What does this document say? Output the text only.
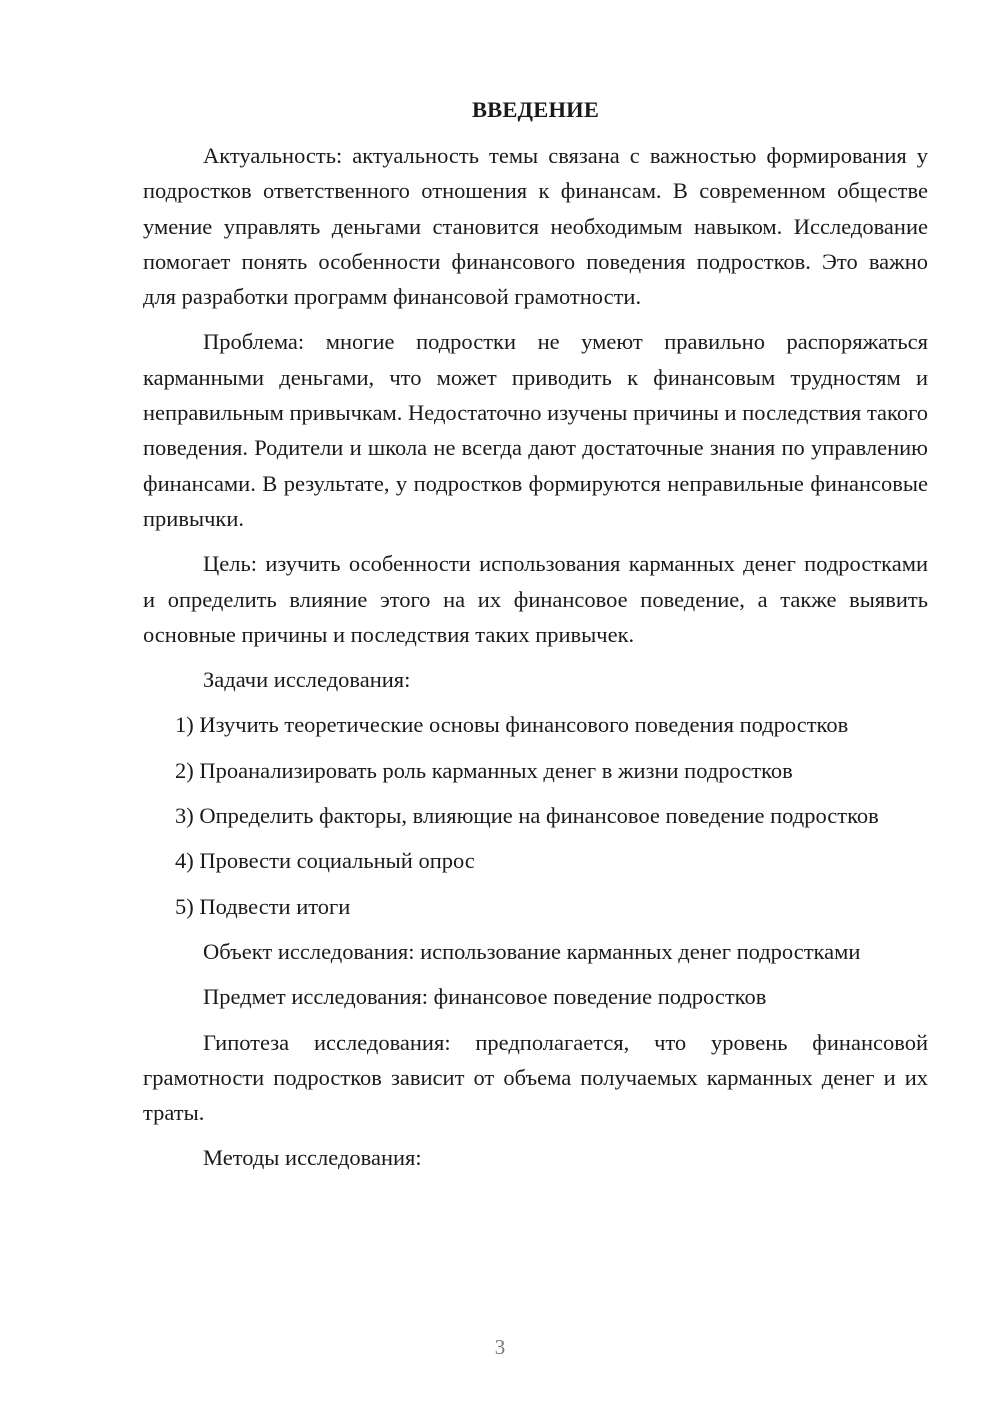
ВВЕДЕНИЕ

Актуальность: актуальность темы связана с важностью формирования у подростков ответственного отношения к финансам. В современном обществе умение управлять деньгами становится необходимым навыком. Исследование помогает понять особенности финансового поведения подростков. Это важно для разработки программ финансовой грамотности.

Проблема: многие подростки не умеют правильно распоряжаться карманными деньгами, что может приводить к финансовым трудностям и неправильным привычкам. Недостаточно изучены причины и последствия такого поведения. Родители и школа не всегда дают достаточные знания по управлению финансами. В результате, у подростков формируются неправильные финансовые привычки.

Цель: изучить особенности использования карманных денег подростками и определить влияние этого на их финансовое поведение, а также выявить основные причины и последствия таких привычек.

Задачи исследования:

1) Изучить теоретические основы финансового поведения подростков

2) Проанализировать роль карманных денег в жизни подростков

3) Определить факторы, влияющие на финансовое поведение подростков

4) Провести социальный опрос

5) Подвести итоги

Объект исследования: использование карманных денег подростками

Предмет исследования: финансовое поведение подростков

Гипотеза исследования: предполагается, что уровень финансовой грамотности подростков зависит от объема получаемых карманных денег и их траты.

Методы исследования:

3
